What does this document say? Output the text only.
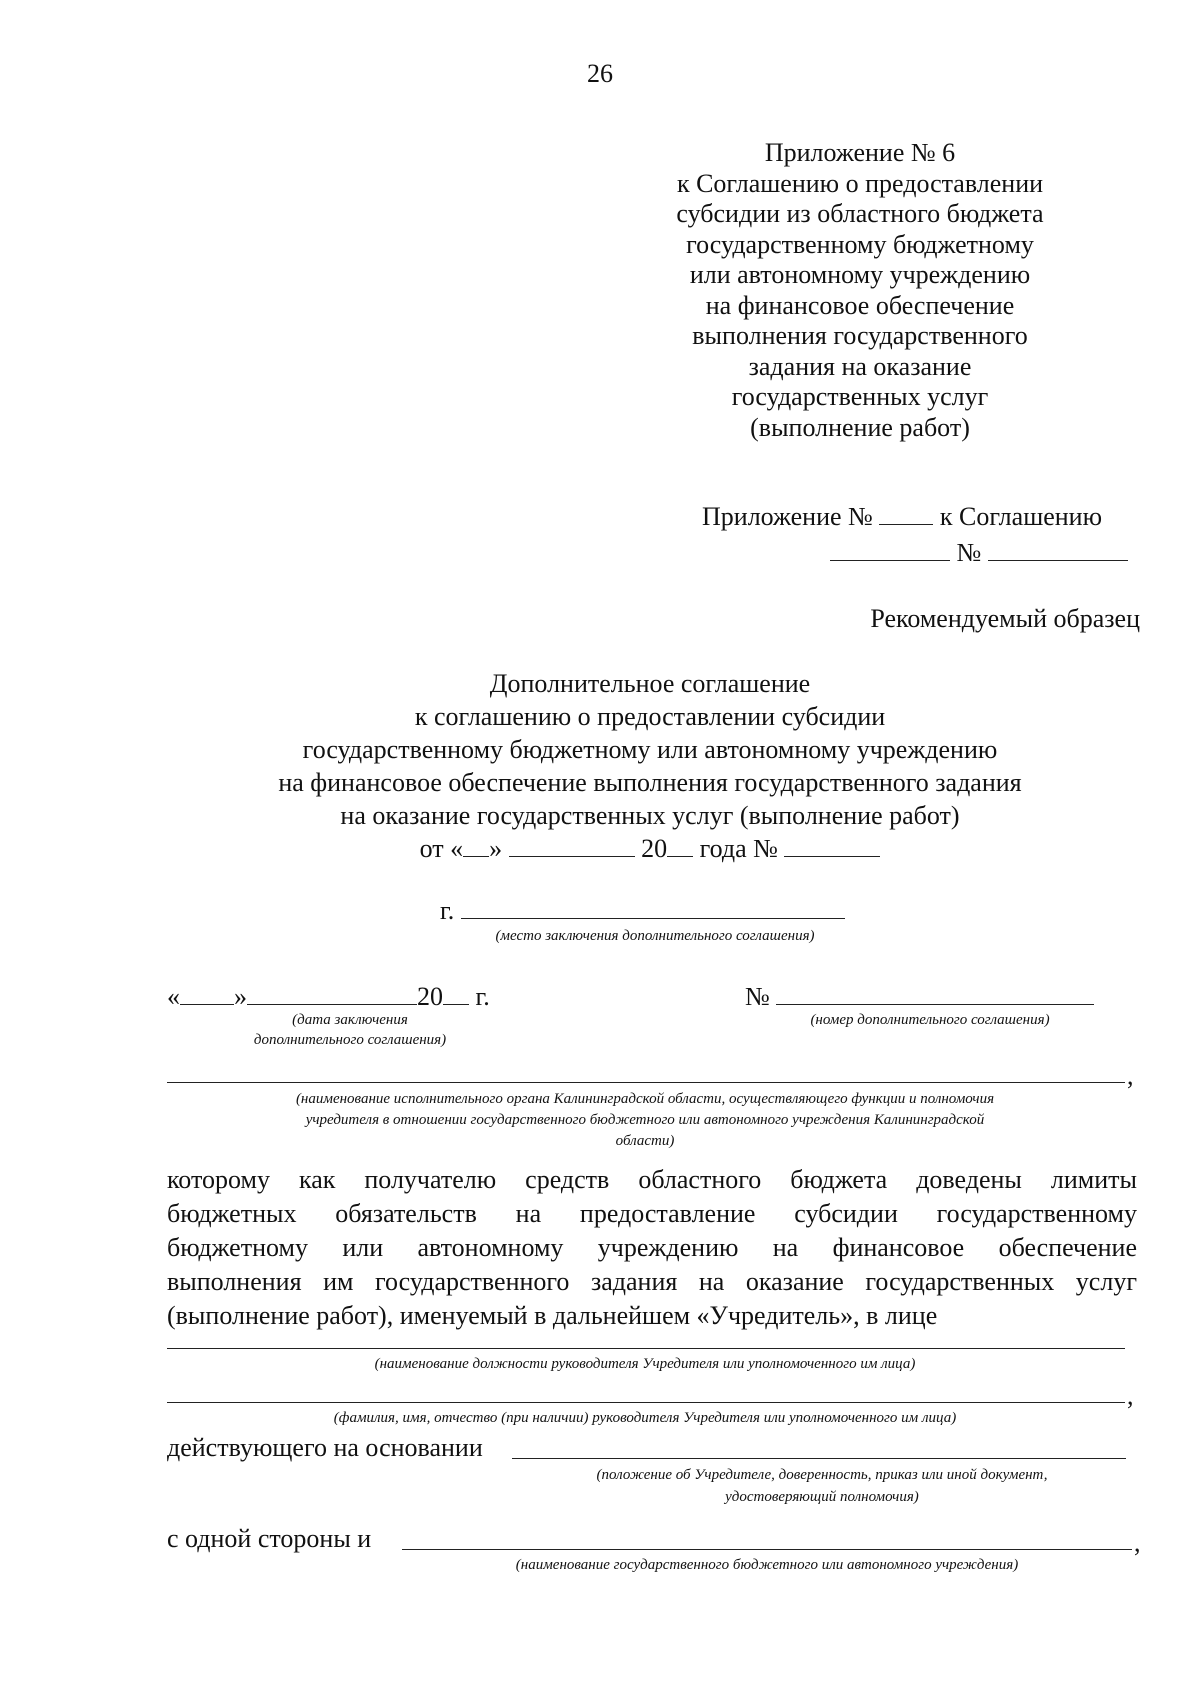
26
Приложение № 6
к Соглашению о предоставлении
субсидии из областного бюджета
государственному бюджетному
или автономному учреждению
на финансовое обеспечение
выполнения государственного
задания на оказание
государственных услуг
(выполнение работ)
Приложение №	к Соглашению
№
Рекомендуемый образец
Дополнительное соглашение
к соглашению о предоставлении субсидии
государственному бюджетному или автономному учреждению
на финансовое обеспечение выполнения государственного задания
на оказание государственных услуг (выполнение работ)
от « »	20 года №
г.
(место заключения дополнительного соглашения)
« »	20 г.
(дата заключения
дополнительного соглашения)
№
(номер дополнительного соглашения)
,
(наименование исполнительного органа Калининградской области, осуществляющего функции и полномочия
учредителя в отношении государственного бюджетного или автономного учреждения Калининградской
области)
которому как получателю средств областного бюджета доведены лимиты
бюджетных обязательств на предоставление субсидии государственному
бюджетному или автономному учреждению на финансовое обеспечение
выполнения им государственного задания на оказание государственных услуг
(выполнение работ), именуемый в дальнейшем «Учредитель», в лице
(наименование должности руководителя Учредителя или уполномоченного им лица)
,
(фамилия, имя, отчество (при наличии) руководителя Учредителя или уполномоченного им лица)
действующего на основании
(положение об Учредителе, доверенность, приказ или иной документ,
удостоверяющий полномочия)
с одной стороны и	,
(наименование государственного бюджетного или автономного учреждения)
